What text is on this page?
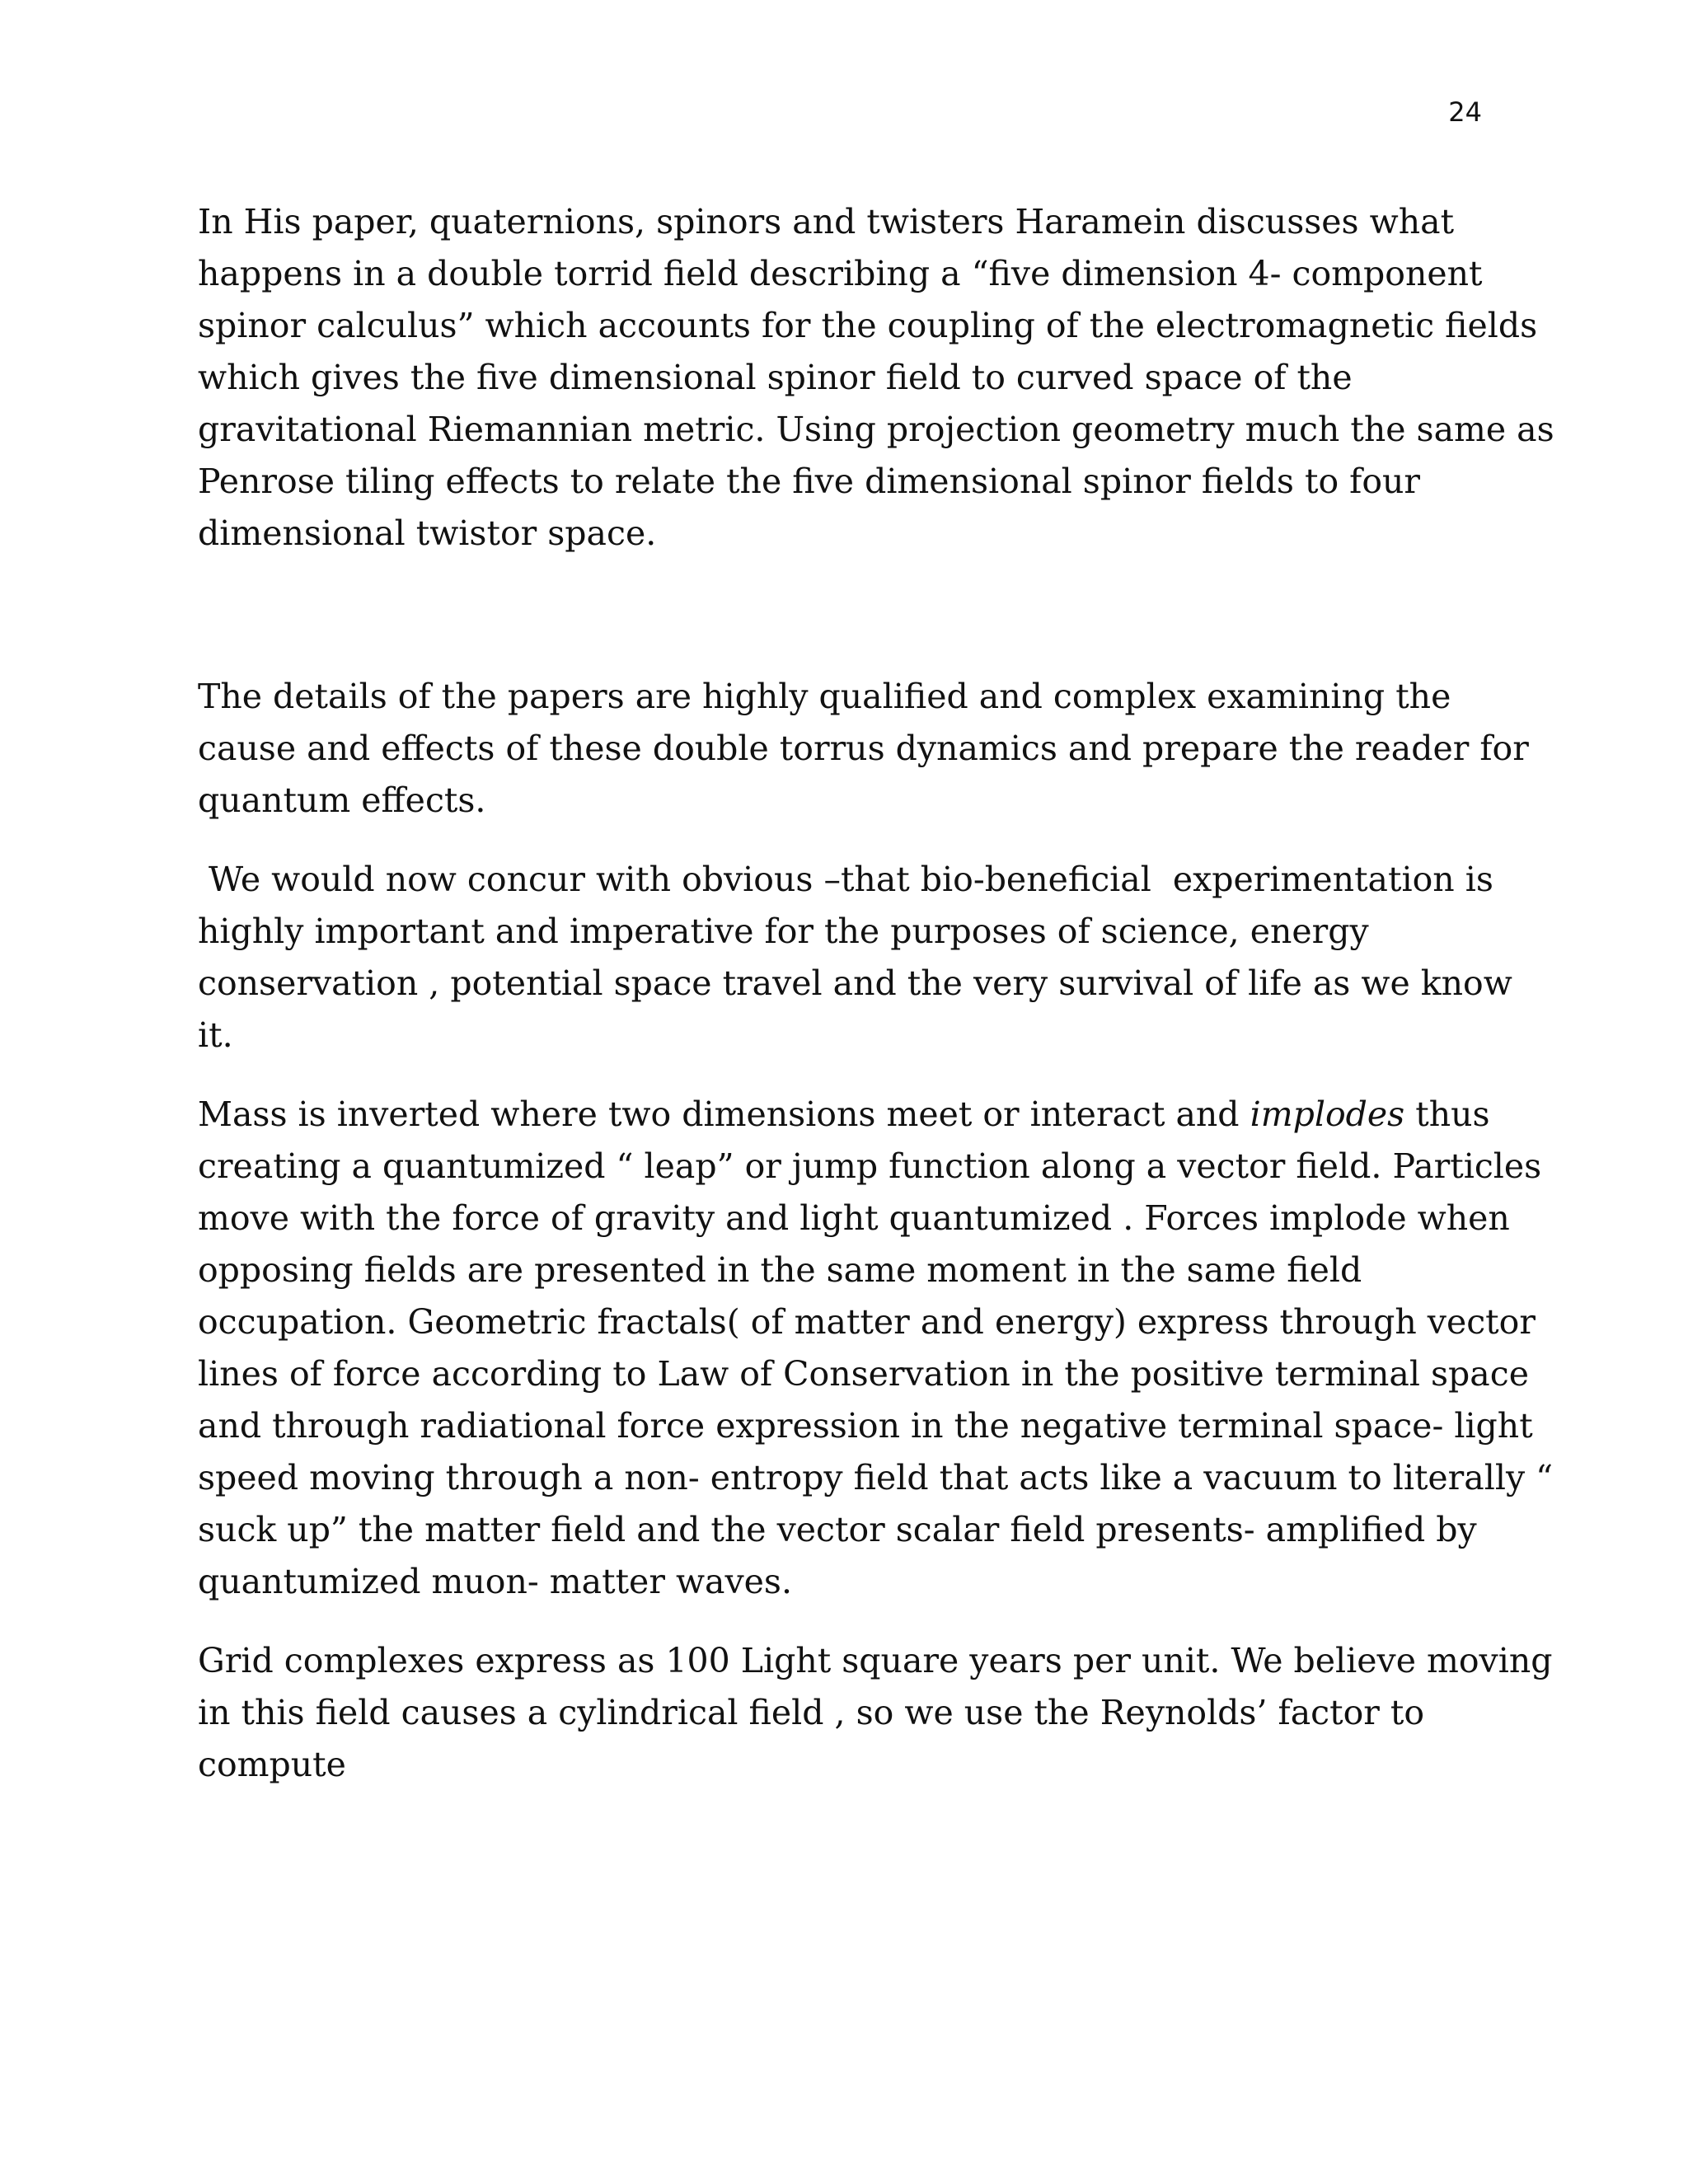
24
In His paper, quaternions, spinors and twisters Haramein discusses what
happens in a double torrid field describing a “five dimension 4- component
spinor calculus” which accounts for the coupling of the electromagnetic fields
which gives the five dimensional spinor field to curved space of the
gravitational Riemannian metric. Using projection geometry much the same as
Penrose tiling effects to relate the five dimensional spinor fields to four
dimensional twistor space.
The details of the papers are highly qualified and complex examining the
cause and effects of these double torrus dynamics and prepare the reader for
quantum effects.
We would now concur with obvious –that bio-beneficial  experimentation is
highly important and imperative for the purposes of science, energy
conservation , potential space travel and the very survival of life as we know
it.
Mass is inverted where two dimensions meet or interact and implodes thus
creating a quantumized “ leap” or jump function along a vector field. Particles
move with the force of gravity and light quantumized . Forces implode when
opposing fields are presented in the same moment in the same field
occupation. Geometric fractals( of matter and energy) express through vector
lines of force according to Law of Conservation in the positive terminal space
and through radiational force expression in the negative terminal space- light
speed moving through a non- entropy field that acts like a vacuum to literally “
suck up” the matter field and the vector scalar field presents- amplified by
quantumized muon- matter waves.
Grid complexes express as 100 Light square years per unit. We believe moving
in this field causes a cylindrical field , so we use the Reynolds’ factor to
compute
